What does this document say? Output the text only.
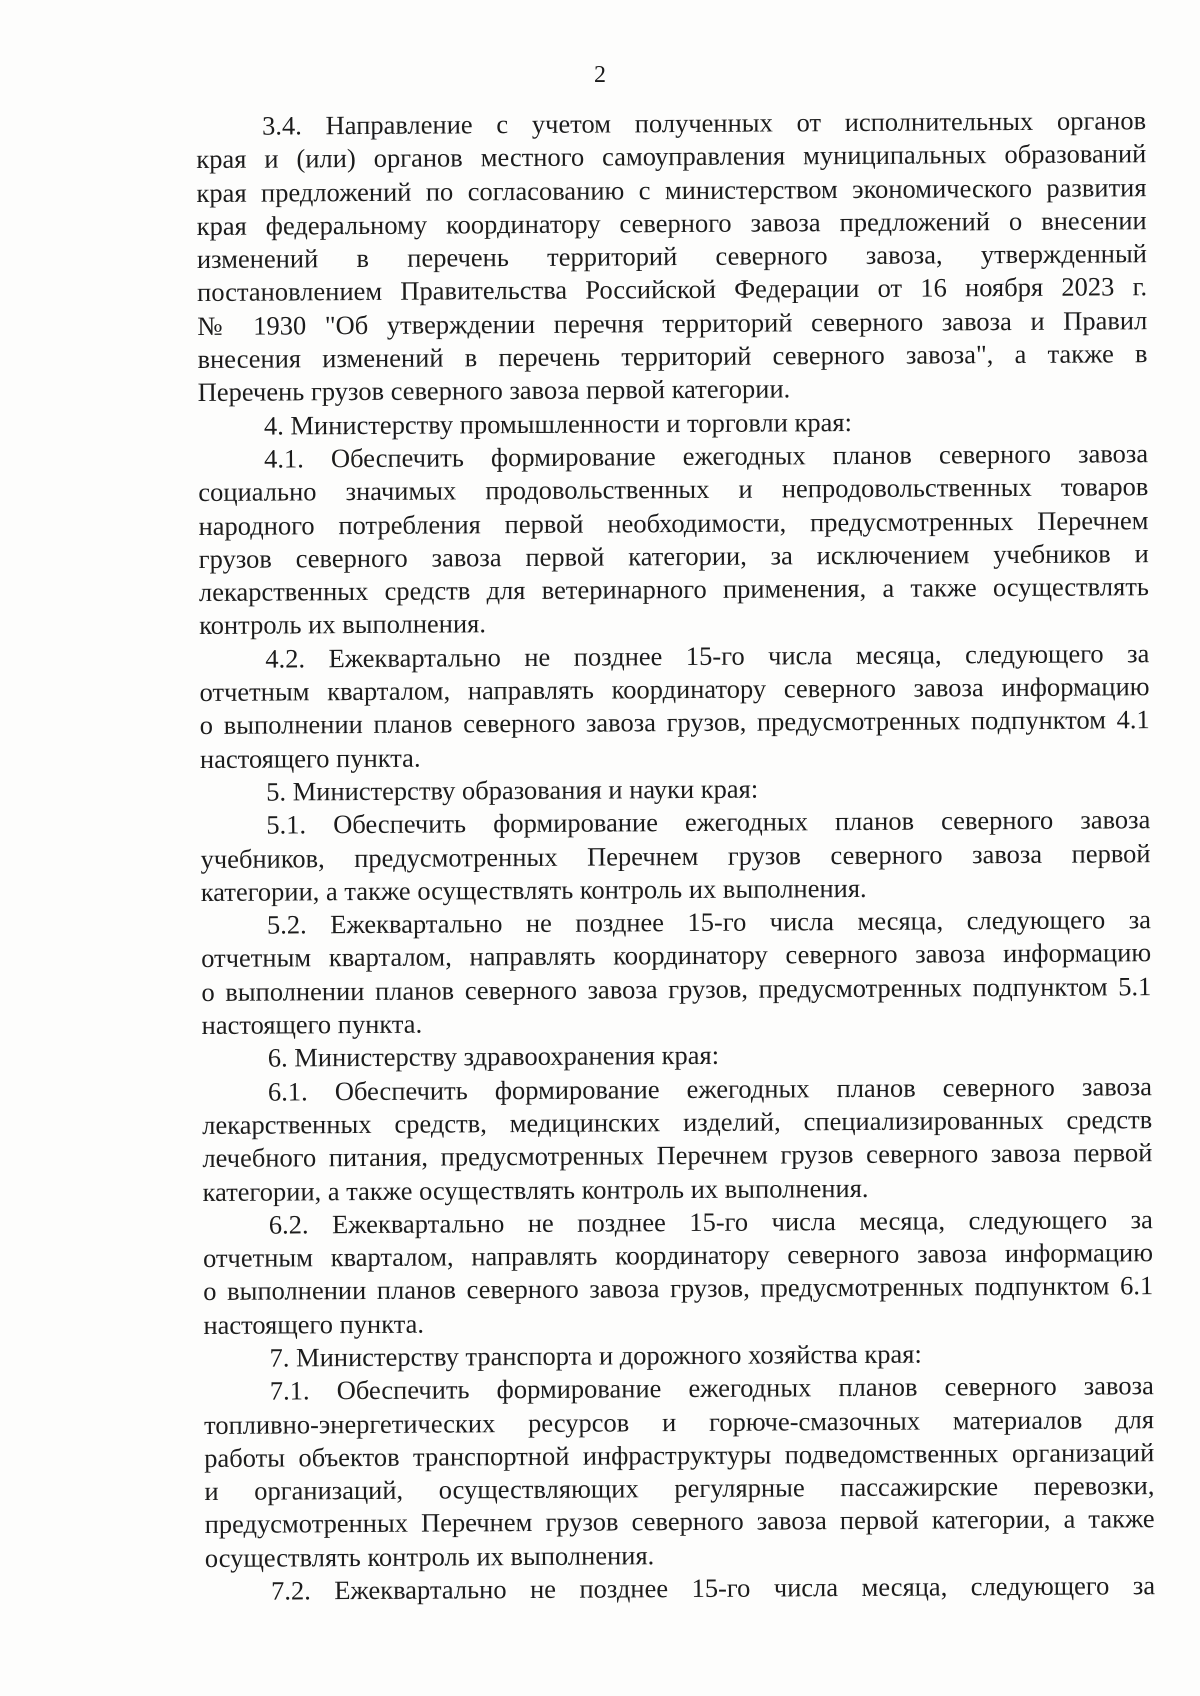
2
3.4. Направление с учетом полученных от исполнительных органов
края и (или) органов местного самоуправления муниципальных образований
края предложений по согласованию с министерством экономического развития
края федеральному координатору северного завоза предложений о внесении
изменений в перечень территорий северного завоза, утвержденный
постановлением Правительства Российской Федерации от 16 ноября 2023 г.
№ 1930 "Об утверждении перечня территорий северного завоза и Правил
внесения изменений в перечень территорий северного завоза", а также в
Перечень грузов северного завоза первой категории.
4. Министерству промышленности и торговли края:
4.1. Обеспечить формирование ежегодных планов северного завоза
социально значимых продовольственных и непродовольственных товаров
народного потребления первой необходимости, предусмотренных Перечнем
грузов северного завоза первой категории, за исключением учебников и
лекарственных средств для ветеринарного применения, а также осуществлять
контроль их выполнения.
4.2. Ежеквартально не позднее 15-го числа месяца, следующего за
отчетным кварталом, направлять координатору северного завоза информацию
о выполнении планов северного завоза грузов, предусмотренных подпунктом 4.1
настоящего пункта.
5. Министерству образования и науки края:
5.1. Обеспечить формирование ежегодных планов северного завоза
учебников, предусмотренных Перечнем грузов северного завоза первой
категории, а также осуществлять контроль их выполнения.
5.2. Ежеквартально не позднее 15-го числа месяца, следующего за
отчетным кварталом, направлять координатору северного завоза информацию
о выполнении планов северного завоза грузов, предусмотренных подпунктом 5.1
настоящего пункта.
6. Министерству здравоохранения края:
6.1. Обеспечить формирование ежегодных планов северного завоза
лекарственных средств, медицинских изделий, специализированных средств
лечебного питания, предусмотренных Перечнем грузов северного завоза первой
категории, а также осуществлять контроль их выполнения.
6.2. Ежеквартально не позднее 15-го числа месяца, следующего за
отчетным кварталом, направлять координатору северного завоза информацию
о выполнении планов северного завоза грузов, предусмотренных подпунктом 6.1
настоящего пункта.
7. Министерству транспорта и дорожного хозяйства края:
7.1. Обеспечить формирование ежегодных планов северного завоза
топливно-энергетических ресурсов и горюче-смазочных материалов для
работы объектов транспортной инфраструктуры подведомственных организаций
и организаций, осуществляющих регулярные пассажирские перевозки,
предусмотренных Перечнем грузов северного завоза первой категории, а также
осуществлять контроль их выполнения.
7.2. Ежеквартально не позднее 15-го числа месяца, следующего за
